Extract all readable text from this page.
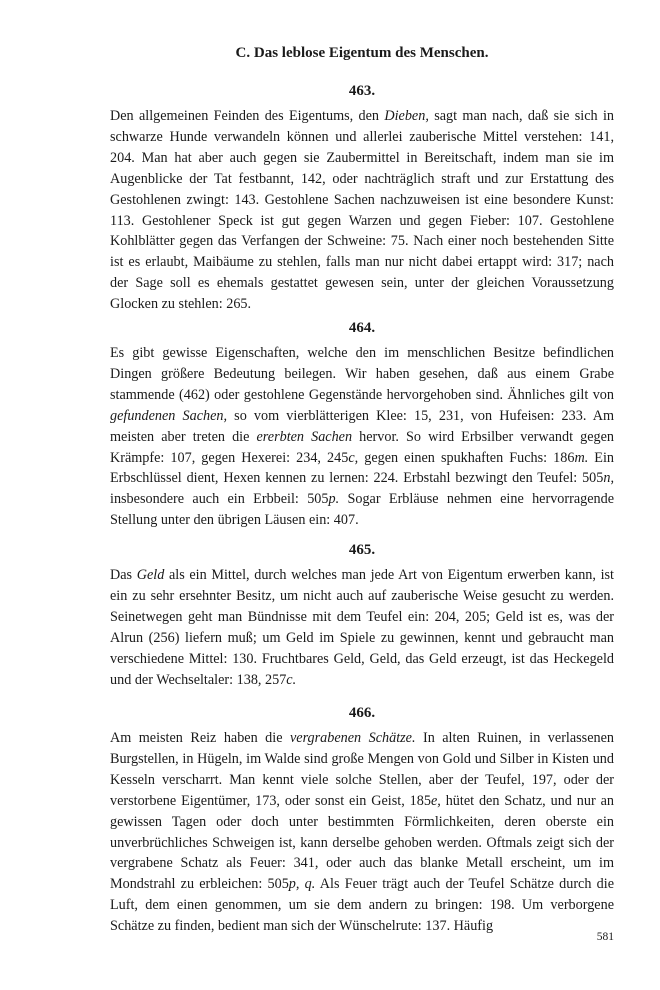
C. Das leblose Eigentum des Menschen.
463.

Den allgemeinen Feinden des Eigentums, den Dieben, sagt man nach, daß sie sich in schwarze Hunde verwandeln können und allerlei zauberische Mittel verstehen: 141, 204. Man hat aber auch gegen sie Zaubermittel in Bereitschaft, indem man sie im Augenblicke der Tat festbannt, 142, oder nachträglich straft und zur Erstattung des Gestohlenen zwingt: 143. Gestohlene Sachen nachzuweisen ist eine besondere Kunst: 113. Gestohlener Speck ist gut gegen Warzen und gegen Fieber: 107. Gestohlene Kohlblätter gegen das Verfangen der Schweine: 75. Nach einer noch bestehenden Sitte ist es erlaubt, Maibäume zu stehlen, falls man nur nicht dabei ertappt wird: 317; nach der Sage soll es ehemals gestattet gewesen sein, unter der gleichen Voraussetzung Glocken zu stehlen: 265.

464.

Es gibt gewisse Eigenschaften, welche den im menschlichen Besitze befindlichen Dingen größere Bedeutung beilegen. Wir haben gesehen, daß aus einem Grabe stammende (462) oder gestohlene Gegenstände hervorgehoben sind. Ähnliches gilt von gefundenen Sachen, so vom vierblätterigen Klee: 15, 231, von Hufeisen: 233. Am meisten aber treten die ererbten Sachen hervor. So wird Erbsilber verwandt gegen Krämpfe: 107, gegen Hexerei: 234, 245c, gegen einen spukhaften Fuchs: 186m. Ein Erbschlüssel dient, Hexen kennen zu lernen: 224. Erbstahl bezwingt den Teufel: 505n, insbesondere auch ein Erbbeil: 505p. Sogar Erbläuse nehmen eine hervorragende Stellung unter den übrigen Läusen ein: 407.

465.

Das Geld als ein Mittel, durch welches man jede Art von Eigentum erwerben kann, ist ein zu sehr ersehnter Besitz, um nicht auch auf zauberische Weise gesucht zu werden. Seinetwegen geht man Bündnisse mit dem Teufel ein: 204, 205; Geld ist es, was der Alrun (256) liefern muß; um Geld im Spiele zu gewinnen, kennt und gebraucht man verschiedene Mittel: 130. Fruchtbares Geld, Geld, das Geld erzeugt, ist das Heckegeld und der Wechseltaler: 138, 257c.

466.

Am meisten Reiz haben die vergrabenen Schätze. In alten Ruinen, in verlassenen Burgstellen, in Hügeln, im Walde sind große Mengen von Gold und Silber in Kisten und Kesseln verscharrt. Man kennt viele solche Stellen, aber der Teufel, 197, oder der verstorbene Eigentümer, 173, oder sonst ein Geist, 185e, hütet den Schatz, und nur an gewissen Tagen oder doch unter bestimmten Förmlichkeiten, deren oberste ein unverbrüchliches Schweigen ist, kann derselbe gehoben werden. Oftmals zeigt sich der vergrabene Schatz als Feuer: 341, oder auch das blanke Metall erscheint, um im Mondstrahl zu erbleichen: 505p, q. Als Feuer trägt auch der Teufel Schätze durch die Luft, dem einen genommen, um sie dem andern zu bringen: 198. Um verborgene Schätze zu finden, bedient man sich der Wünschelrute: 137. Häufig

581
